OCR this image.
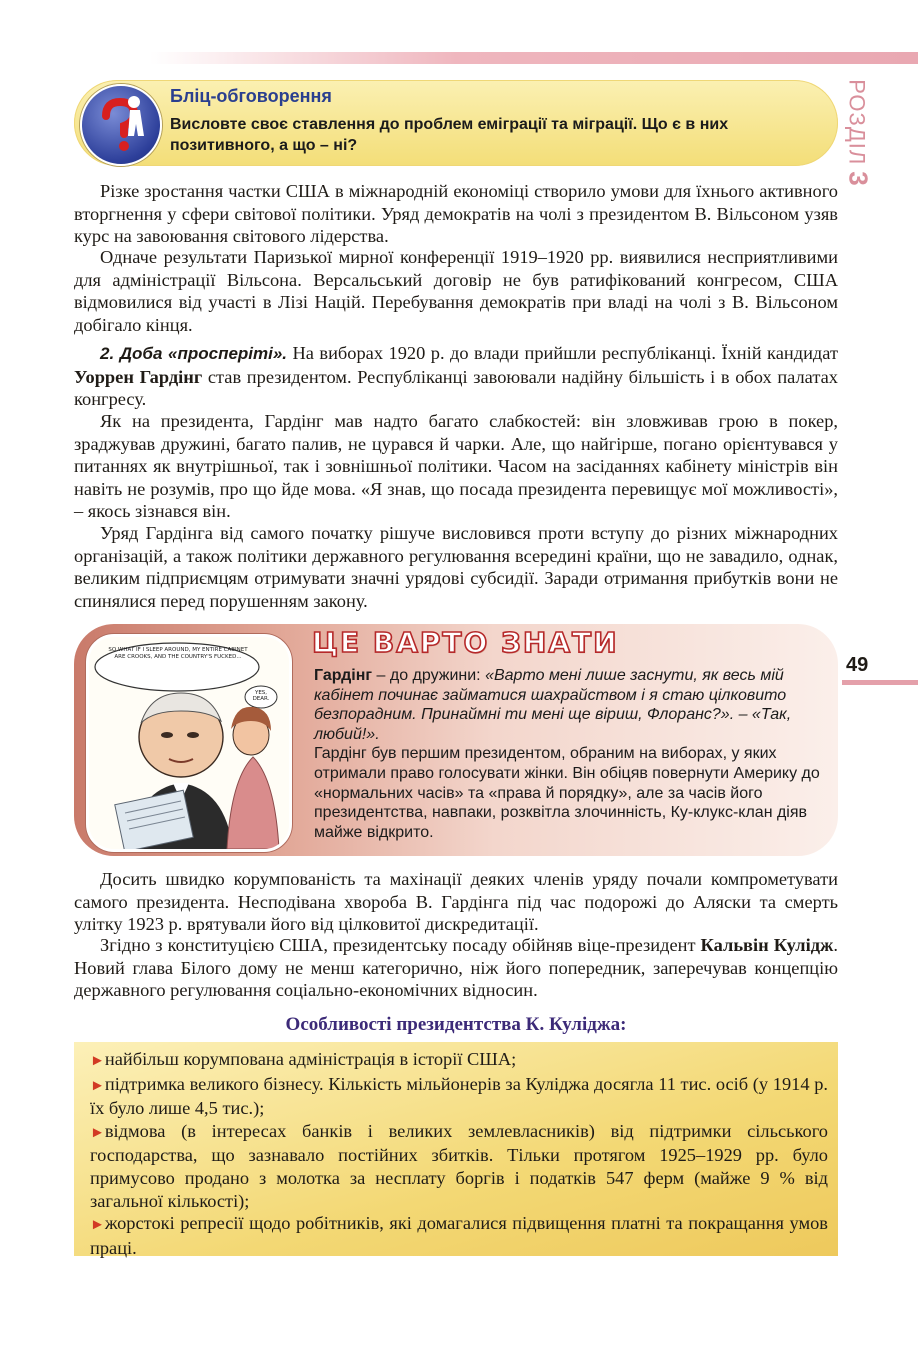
РОЗДІЛ3
Бліц-обговорення
Висловте своє ставлення до проблем еміграції та міграції. Що є в них позитивного, а що – ні?

Різке зростання частки США в міжнародній економіці створило умови для їхнього активного вторгнення у сфери світової політики. Уряд демократів на чолі з президентом В. Вільсоном узяв курс на завоювання світового лідерства.

Одначе результати Паризької мирної конференції 1919–1920 рр. виявилися несприятливими для адміністрації Вільсона. Версальський договір не був ратифікований конгресом, США відмовилися від участі в Лізі Націй. Перебування демократів при владі на чолі з В. Вільсоном добігало кінця.

2. Доба «просперіті». На виборах 1920 р. до влади прийшли республіканці. Їхній кандидат Уоррен Гардінг став президентом. Республіканці завоювали надійну більшість і в обох палатах конгресу.

Як на президента, Гардінг мав надто багато слабкостей: він зловживав грою в покер, зраджував дружині, багато палив, не цурався й чарки. Але, що найгірше, погано орієнтувався у питаннях як внутрішньої, так і зовнішньої політики. Часом на засіданнях кабінету міністрів він навіть не розумів, про що йде мова. «Я знав, що посада президента перевищує мої можливості», – якось зізнався він.

Уряд Гардінга від самого початку рішуче висловився проти вступу до різних міжнародних організацій, а також політики державного регулювання всередині країни, що не завадило, однак, великим підприємцям отримувати значні урядові субсидії. Заради отримання прибутків вони не спинялися перед порушенням закону.

49
SO WHAT IF I SLEEP AROUND, MY ENTIRE CABINET ARE CROOKS, AND THE COUNTRY'S FUCKED...
YES, DEAR.
ЦЕ ВАРТО ЗНАТИ
Гардінг – до дружини: «Варто мені лише заснути, як весь мій кабінет починає займатися шахрайством і я стаю цілковито безпорадним. Принаймні ти мені ще віриш, Флоранс?». – «Так, любий!».
Гардінг був першим президентом, обраним на виборах, у яких отримали право голосувати жінки. Він обіцяв повернути Америку до «нормальних часів» та «права й порядку», але за часів його президентства, навпаки, розквітла злочинність, Ку-клукс-клан діяв майже відкрито.

Досить швидко корумпованість та махінації деяких членів уряду почали компрометувати самого президента. Несподівана хвороба В. Гардінга під час подорожі до Аляски та смерть улітку 1923 р. врятували його від цілковитої дискредитації.

Згідно з конституцією США, президентську посаду обійняв віце-президент Кальвін Кулідж. Новий глава Білого дому не менш категорично, ніж його попередник, заперечував концепцію державного регулювання соціально-економічних відносин.

Особливості президентства К. Куліджа:
►найбільш корумпована адміністрація в історії США;
►підтримка великого бізнесу. Кількість мільйонерів за Куліджа досягла 11 тис. осіб (у 1914 р. їх було лише 4,5 тис.);
►відмова (в інтересах банків і великих землевласників) від підтримки сільського господарства, що зазнавало постійних збитків. Тільки протягом 1925–1929 рр. було примусово продано з молотка за несплату боргів і податків 547 ферм (майже 9 % від загальної кількості);
►жорстокі репресії щодо робітників, які домагалися підвищення платні та покращання умов праці.
